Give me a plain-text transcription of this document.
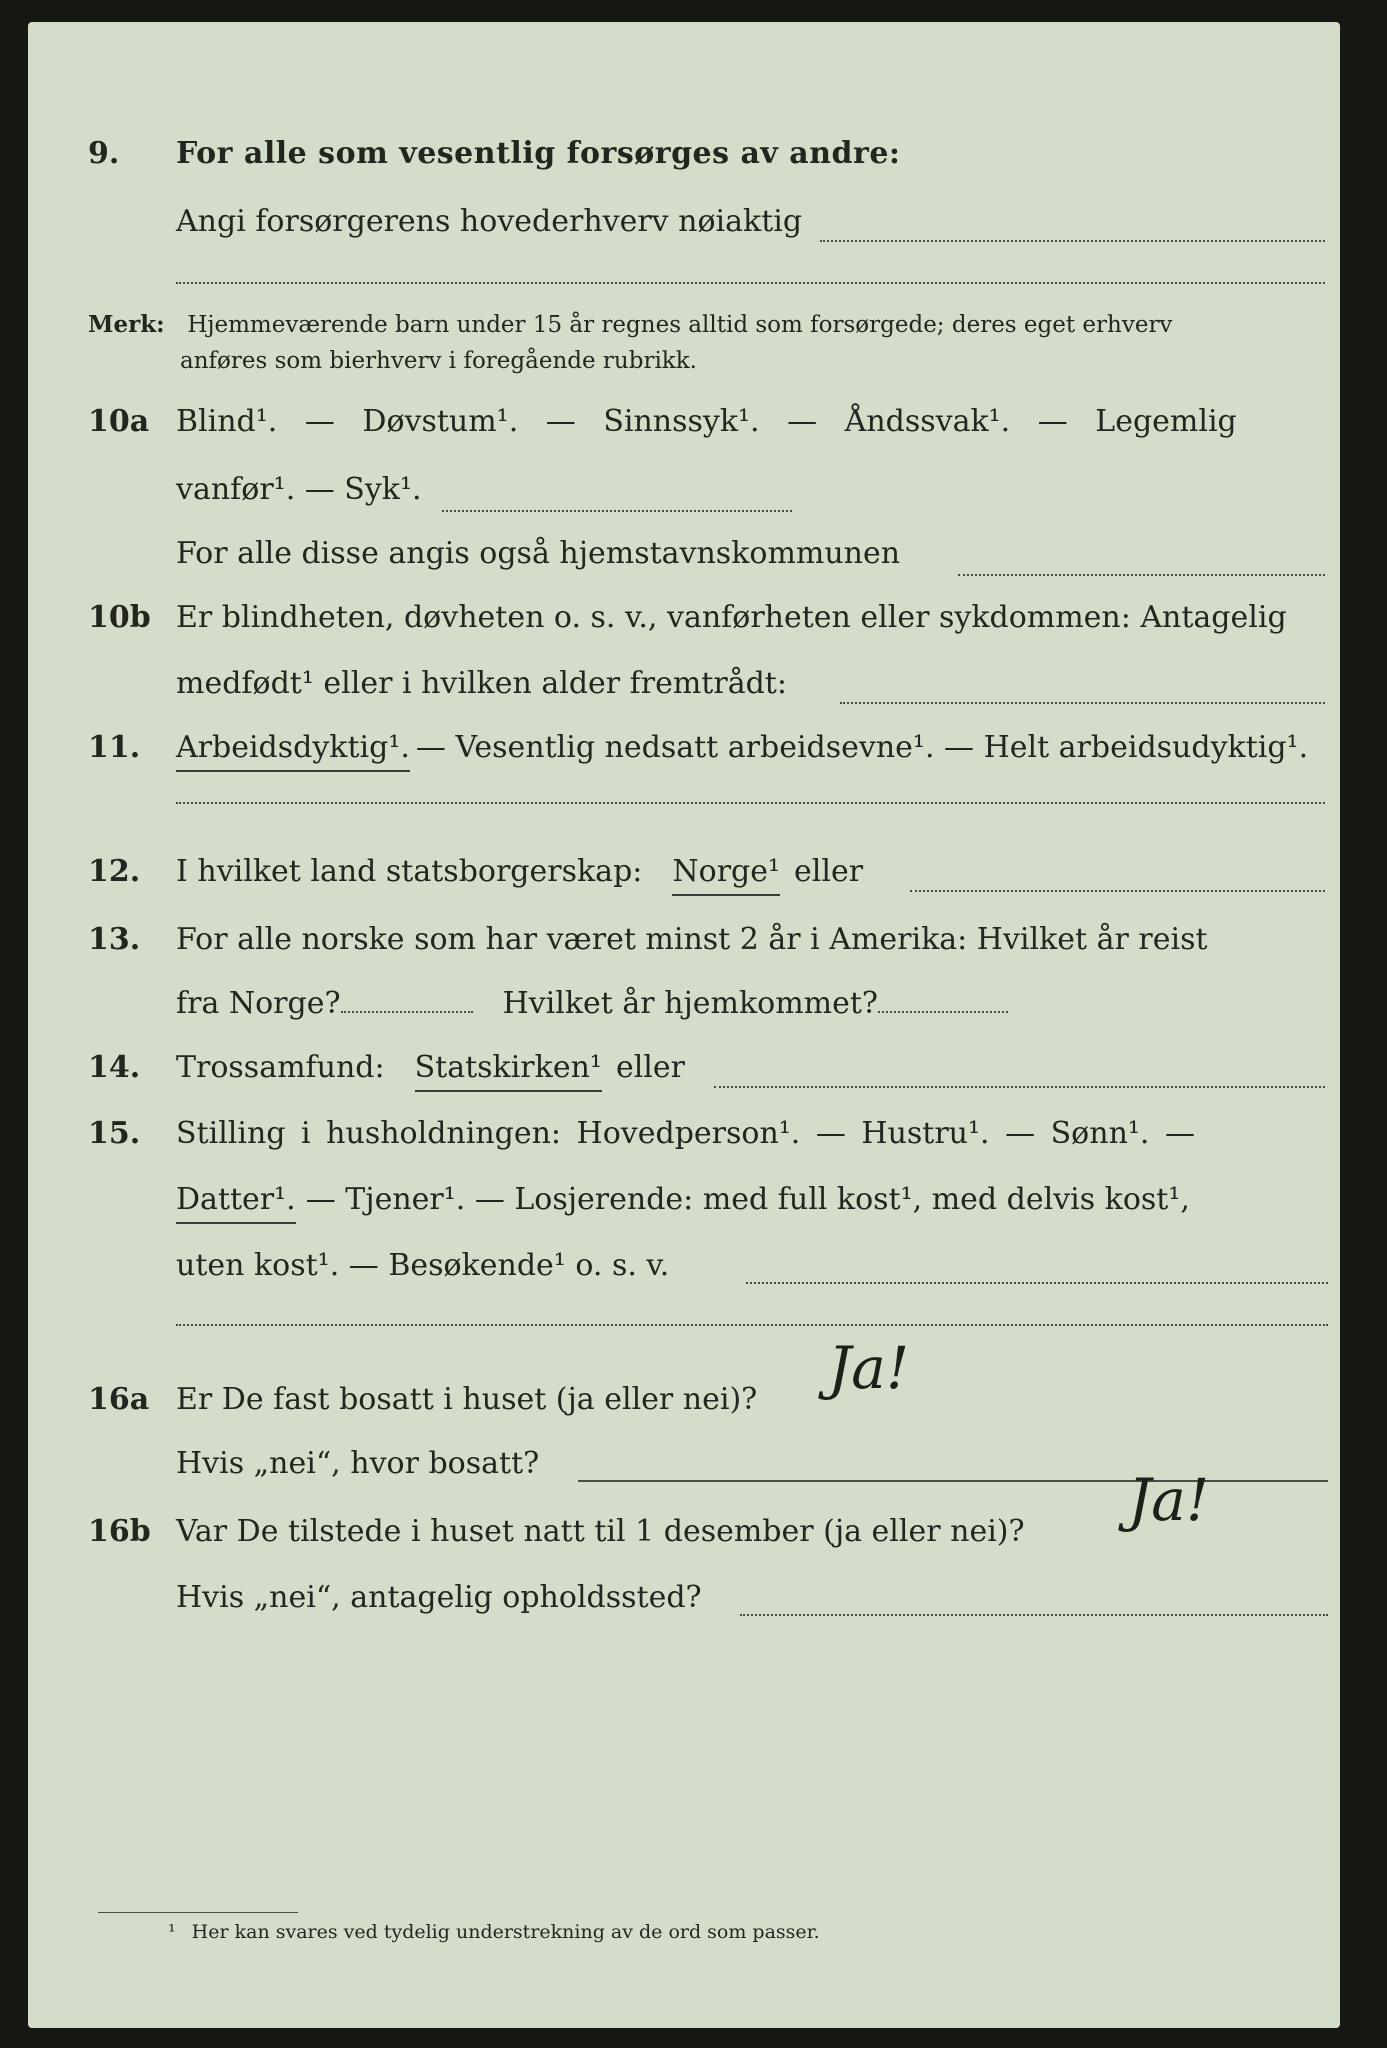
9. For alle som vesentlig forsørges av andre:
Angi forsørgerens hovederhverv nøiaktig
Merk: Hjemmeværende barn under 15 år regnes alltid som forsørgede; deres eget erhverv
anføres som bierhverv i foregående rubrikk.
10a Blind¹. — Døvstum¹. — Sinnssyk¹. — Åndssvak¹. — Legemlig
vanfør¹. — Syk¹.
For alle disse angis også hjemstavnskommunen
10b Er blindheten, døvheten o. s. v., vanførheten eller sykdommen: Antagelig
medfødt¹ eller i hvilken alder fremtrådt:
11. Arbeidsdyktig¹. — Vesentlig nedsatt arbeidsevne¹. — Helt arbeidsudyktig¹.
12. I hvilket land statsborgerskap: Norge¹ eller
13. For alle norske som har været minst 2 år i Amerika: Hvilket år reist
fra Norge?	Hvilket år hjemkommet?
14. Trossamfund: Statskirken¹ eller
15. Stilling i husholdningen: Hovedperson¹. — Hustru¹. — Sønn¹. —
Datter¹. — Tjener¹. — Losjerende: med full kost¹, med delvis kost¹,
uten kost¹. — Besøkende¹ o. s. v.
16a Er De fast bosatt i huset (ja eller nei)? Ja!
Hvis „nei“, hvor bosatt?
16b Var De tilstede i huset natt til 1 desember (ja eller nei)? Ja!
Hvis „nei“, antagelig opholdssted?
¹ Her kan svares ved tydelig understrekning av de ord som passer.
